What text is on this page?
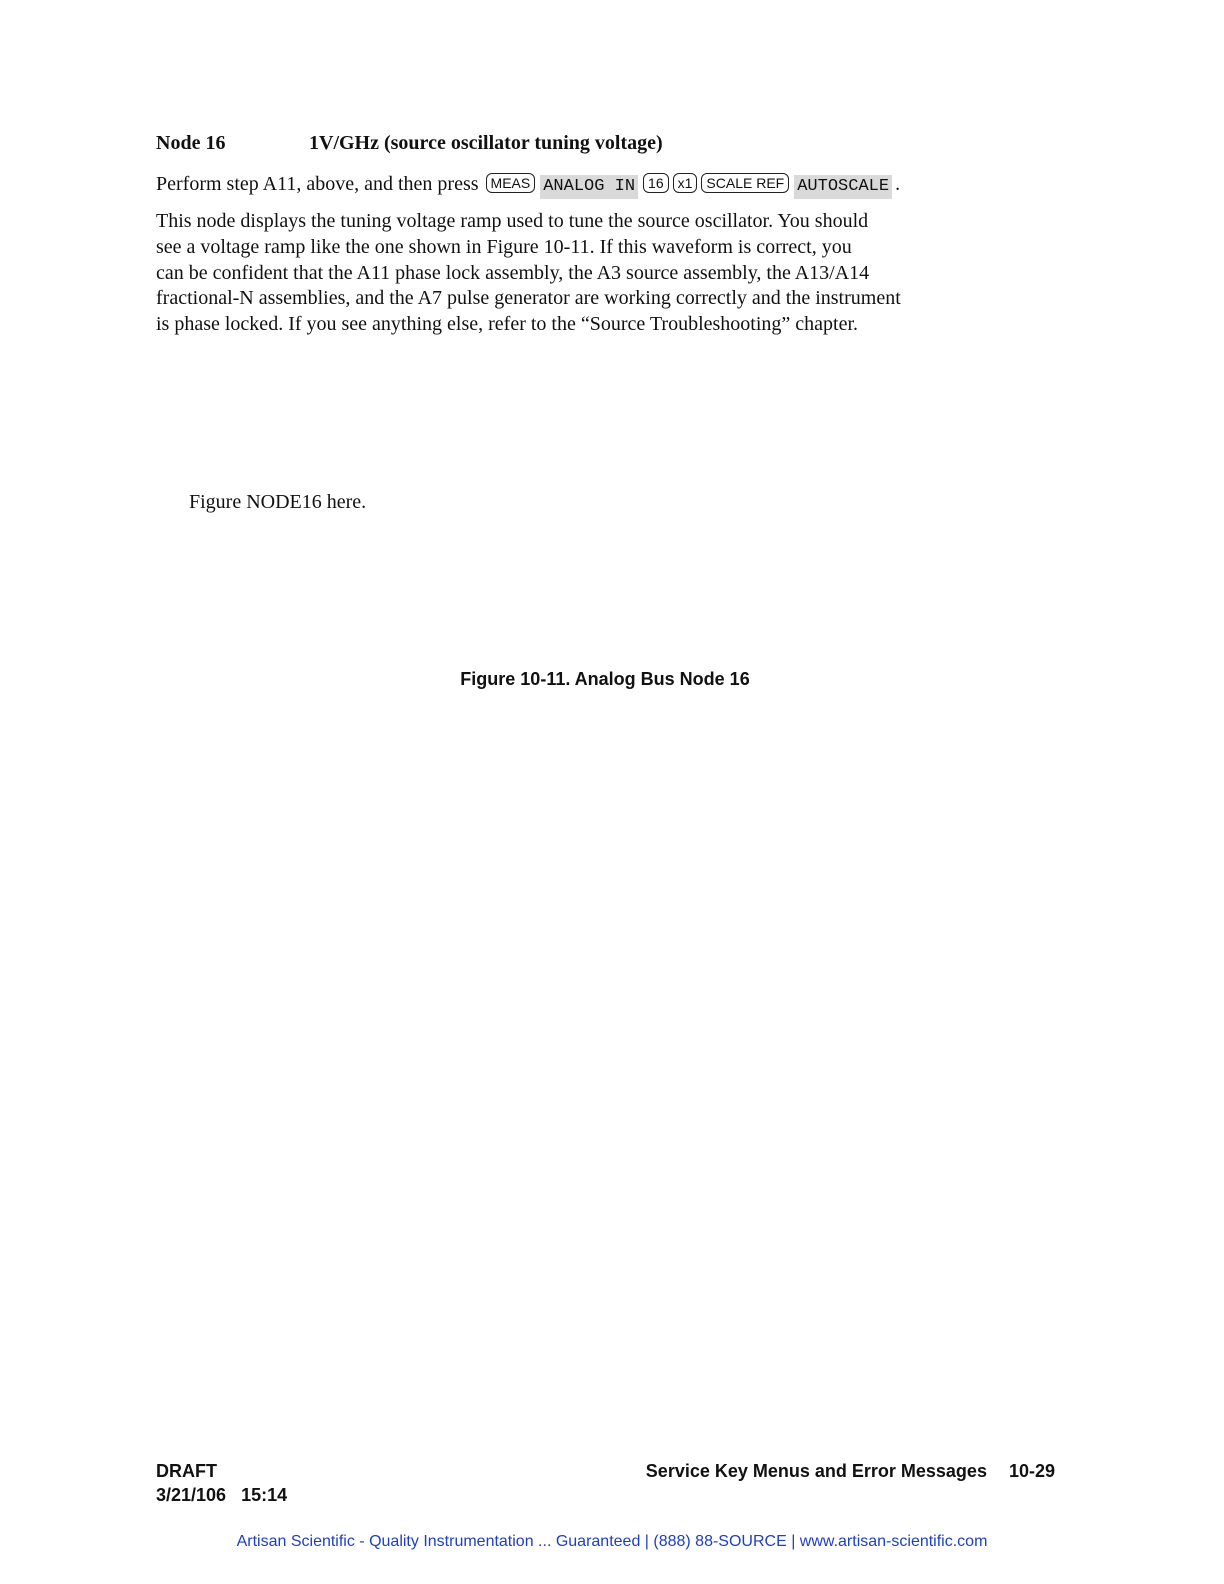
Node 16	1V/GHz (source oscillator tuning voltage)
Perform step A11, above, and then press MEAS ANALOG IN 16 x1 SCALE REF AUTOSCALE .
This node displays the tuning voltage ramp used to tune the source oscillator. You should
see a voltage ramp like the one shown in Figure 10-11. If this waveform is correct, you
can be confident that the A11 phase lock assembly, the A3 source assembly, the A13/A14
fractional-N assemblies, and the A7 pulse generator are working correctly and the instrument
is phase locked. If you see anything else, refer to the “Source Troubleshooting” chapter.
Figure NODE16 here.
Figure 10-11. Analog Bus Node 16
DRAFT
3/21/106   15:14
Service Key Menus and Error Messages 10-29
Artisan Scientific - Quality Instrumentation ... Guaranteed | (888) 88-SOURCE | www.artisan-scientific.com
